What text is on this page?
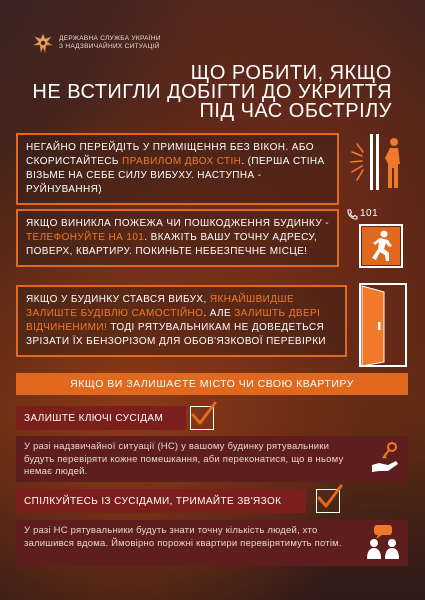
ДЕРЖАВНА СЛУЖБА УКРАЇНИ
З НАДЗВИЧАЙНИХ СИТУАЦІЙ
ЩО РОБИТИ, ЯКЩО
НЕ ВСТИГЛИ ДОБІГТИ ДО УКРИТТЯ
ПІД ЧАС ОБСТРІЛУ
НЕГАЙНО ПЕРЕЙДІТЬ У ПРИМІЩЕННЯ БЕЗ ВІКОН. АБО СКОРИСТАЙТЕСЬ ПРАВИЛОМ ДВОХ СТІН. (ПЕРША СТІНА ВІЗЬМЕ НА СЕБЕ СИЛУ ВИБУХУ. НАСТУПНА - РУЙНУВАННЯ)
ЯКЩО ВИНИКЛА ПОЖЕЖА ЧИ ПОШКОДЖЕННЯ БУДИНКУ - ТЕЛЕФОНУЙТЕ НА 101. ВКАЖІТЬ ВАШУ ТОЧНУ АДРЕСУ, ПОВЕРХ, КВАРТИРУ. ПОКИНЬТЕ НЕБЕЗПЕЧНЕ МІСЦЕ!
101
ЯКЩО У БУДИНКУ СТАВСЯ ВИБУХ, ЯКНАЙШВИДШЕ ЗАЛИШТЕ БУДІВЛЮ САМОСТІЙНО. АЛЕ ЗАЛИШТЬ ДВЕРІ ВІДЧИНЕНИМИ! ТОДІ РЯТУВАЛЬНИКАМ НЕ ДОВЕДЕТЬСЯ ЗРІЗАТИ ЇХ БЕНЗОРІЗОМ ДЛЯ ОБОВ'ЯЗКОВОЇ ПЕРЕВІРКИ
ЯКЩО ВИ ЗАЛИШАЄТЕ МІСТО ЧИ СВОЮ КВАРТИРУ
ЗАЛИШТЕ КЛЮЧІ СУСІДАМ
У разі надзвичайної ситуації (НС) у вашому будинку рятувальники будуть перевіряти кожне помешкання, аби переконатися, що в ньому немає людей.
СПІЛКУЙТЕСЬ ІЗ СУСІДАМИ, ТРИМАЙТЕ ЗВ'ЯЗОК
У разі НС рятувальники будуть знати точну кількість людей, хто залишився вдома. Ймовірно порожні квартири перевірятимуть потім.
